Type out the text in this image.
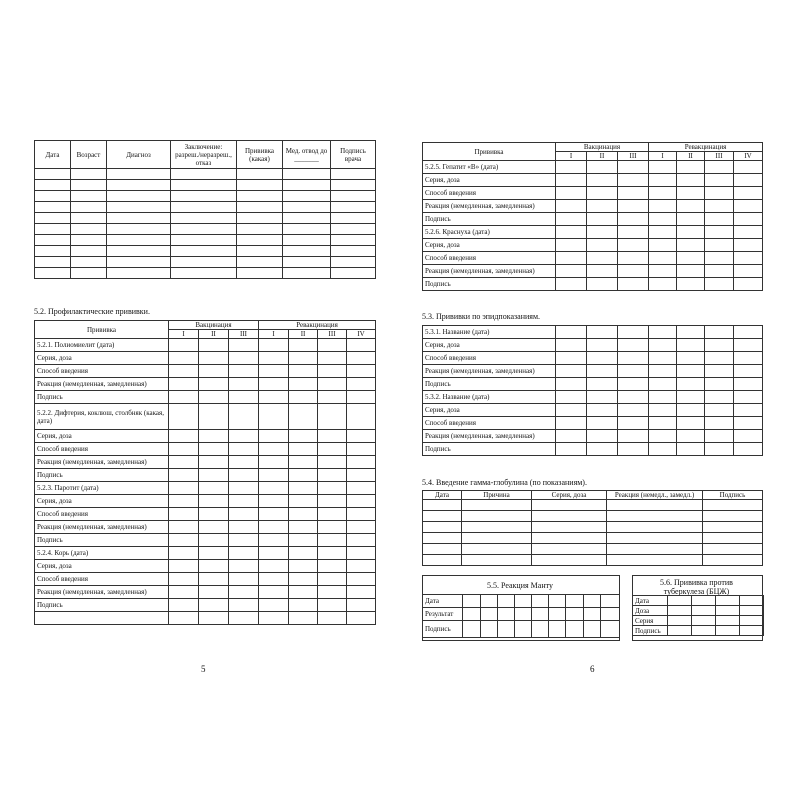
Дата	Возраст	Диагноз	Заключение: разреш./неразреш., отказ	Прививка (какая)	Мед. отвод до _______	Подпись врача

5.2. Профилактические прививки.
Прививка	Вакцинация			Ревакцинация			
	I	II	III	I	II	III	IV
5.2.1. Полиомиелит (дата)							
Серия, доза							
Способ введения							
Реакция (немедленная, замедленная)							
Подпись							
5.2.2. Дифтерия, коклюш, столбняк (какая, дата)							
Серия, доза							
Способ введения							
Реакция (немедленная, замедленная)							
Подпись							
5.2.3. Паротит (дата)							
Серия, доза							
Способ введения							
Реакция (немедленная, замедленная)							
Подпись							
5.2.4. Корь (дата)							
Серия, доза							
Способ введения							
Реакция (немедленная, замедленная)							
Подпись							

5
Прививка	Вакцинация			Ревакцинация			
	I	II	III	I	II	III	IV
5.2.5. Гепатит «В» (дата)							
Серия, доза							
Способ введения							
Реакция (немедленная, замедленная)							
Подпись							
5.2.6. Краснуха (дата)							
Серия, доза							
Способ введения							
Реакция (немедленная, замедленная)							
Подпись							
5.3. Прививки по эпидпоказаниям.
5.3.1. Название (дата)							
Серия, доза							
Способ введения							
Реакция (немедленная, замедленная)							
Подпись							
5.3.2. Название (дата)							
Серия, доза							
Способ введения							
Реакция (немедленная, замедленная)							
Подпись							
5.4. Введение гамма-глобулина (по показаниям).
Дата	Причина	Серия, доза	Реакция (немедл., замедл.)	Подпись

5.5. Реакция Манту
Дата									
Результат									
Подпись									
5.6. Прививка против туберкулеза (БЦЖ)
Дата				
Доза				
Серия				
Подпись				
6
